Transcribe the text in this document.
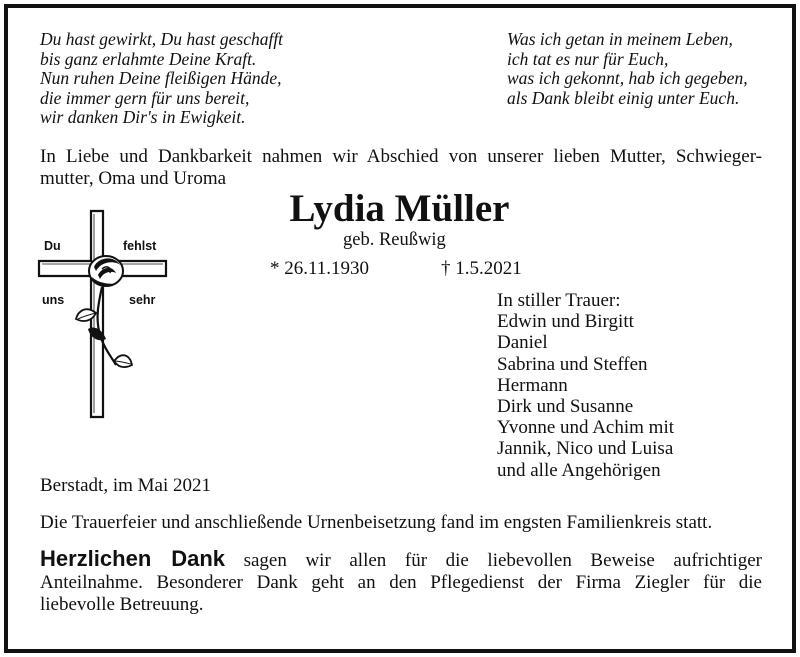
Du hast gewirkt, Du hast geschafft
bis ganz erlahmte Deine Kraft.
Nun ruhen Deine fleißigen Hände,
die immer gern für uns bereit,
wir danken Dir's in Ewigkeit.
Was ich getan in meinem Leben,
ich tat es nur für Euch,
was ich gekonnt, hab ich gegeben,
als Dank bleibt einig unter Euch.
In Liebe und Dankbarkeit nahmen wir Abschied von unserer lieben Mutter, Schwieger-
mutter, Oma und Uroma
Lydia Müller
geb. Reußwig
* 26.11.1930	† 1.5.2021
Du	fehlst
uns	sehr	In stiller Trauer:
Edwin und Birgitt
Daniel
Sabrina und Steffen
Hermann
Dirk und Susanne
Yvonne und Achim mit
Jannik, Nico und Luisa
und alle Angehörigen
Berstadt, im Mai 2021
Die Trauerfeier und anschließende Urnenbeisetzung fand im engsten Familienkreis statt.
Herzlichen Dank sagen wir allen für die liebevollen Beweise aufrichtiger
Anteilnahme. Besonderer Dank geht an den Pflegedienst der Firma Ziegler für die
liebevolle Betreuung.
